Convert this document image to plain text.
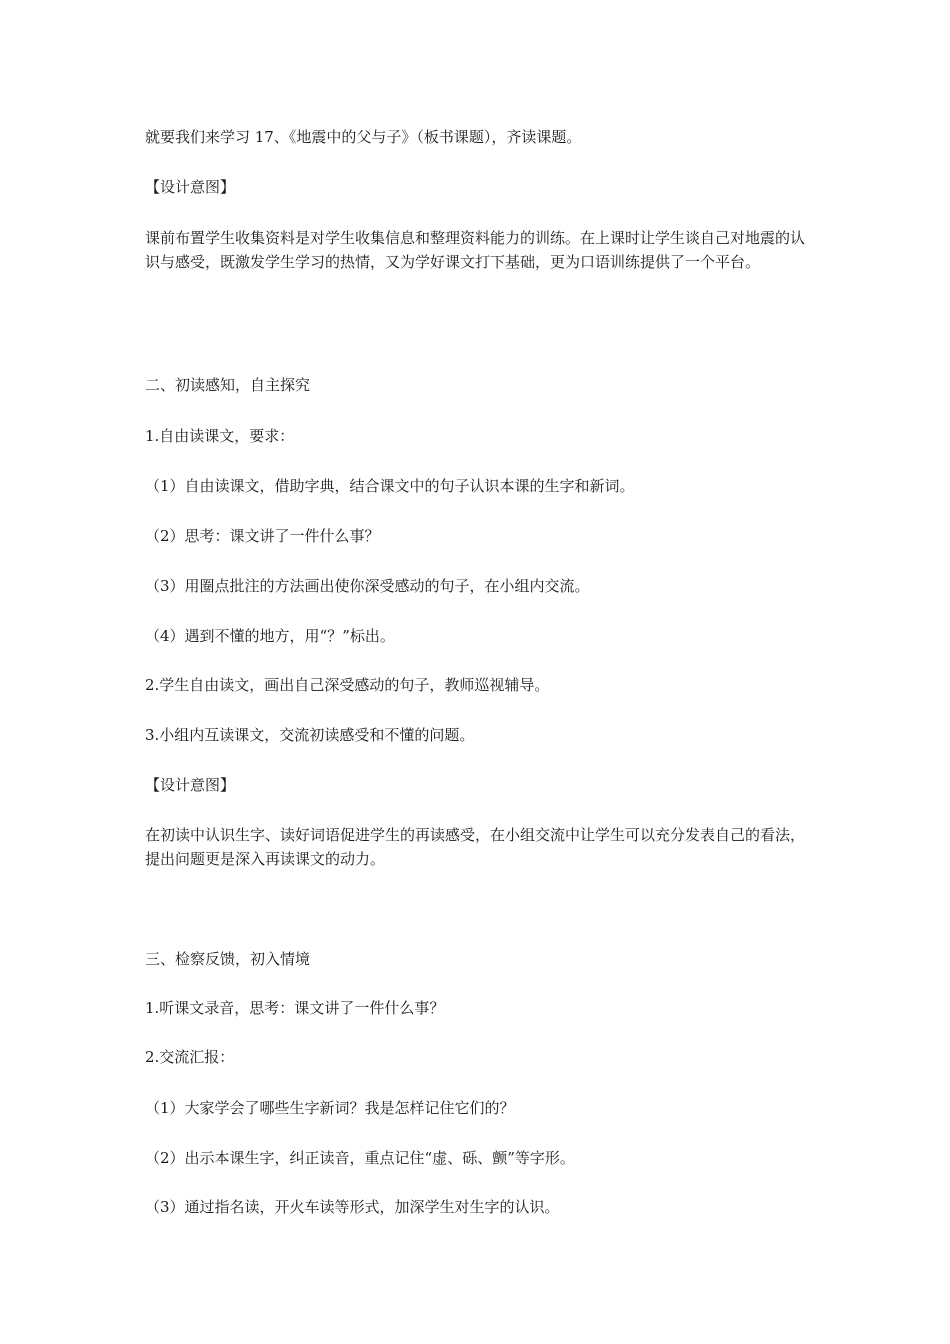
就要我们来学习 17、《地震中的父与子》（板书课题），齐读课题。

【设计意图】

课前布置学生收集资料是对学生收集信息和整理资料能力的训练。在上课时让学生谈自己对地震的认识与感受，既激发学生学习的热情，又为学好课文打下基础，更为口语训练提供了一个平台。

二、初读感知，自主探究

1.自由读课文，要求：

（1）自由读课文，借助字典，结合课文中的句子认识本课的生字和新词。

（2）思考：课文讲了一件什么事？

（3）用圈点批注的方法画出使你深受感动的句子，在小组内交流。

（4）遇到不懂的地方，用“？”标出。

2.学生自由读文，画出自己深受感动的句子，教师巡视辅导。

3.小组内互读课文，交流初读感受和不懂的问题。

【设计意图】

在初读中认识生字、读好词语促进学生的再读感受，在小组交流中让学生可以充分发表自己的看法，提出问题更是深入再读课文的动力。

三、检察反馈，初入情境

1.听课文录音，思考：课文讲了一件什么事？

2.交流汇报：

（1）大家学会了哪些生字新词？我是怎样记住它们的？

（2）出示本课生字，纠正读音，重点记住“虚、砾、颤”等字形。

（3）通过指名读，开火车读等形式，加深学生对生字的认识。
